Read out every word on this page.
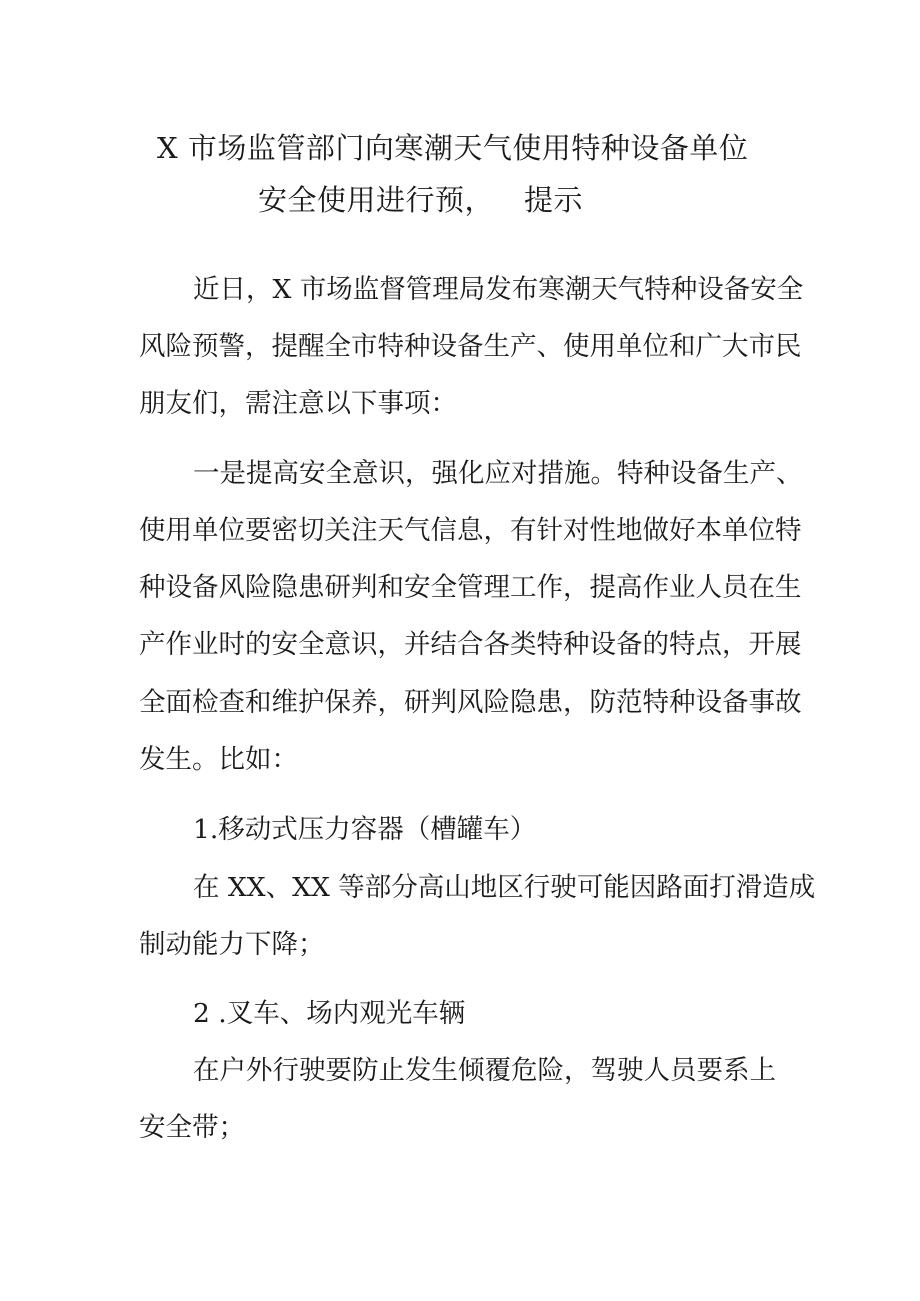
X 市场监管部门向寒潮天气使用特种设备单位
安全使用进行预， 提示
近日，X 市场监督管理局发布寒潮天气特种设备安全
风险预警，提醒全市特种设备生产、使用单位和广大市民
朋友们，需注意以下事项：
一是提高安全意识，强化应对措施。特种设备生产、
使用单位要密切关注天气信息，有针对性地做好本单位特
种设备风险隐患研判和安全管理工作，提高作业人员在生
产作业时的安全意识，并结合各类特种设备的特点，开展
全面检查和维护保养，研判风险隐患，防范特种设备事故
发生。比如：
1.移动式压力容器（槽罐车）
在 XX、XX 等部分高山地区行驶可能因路面打滑造成
制动能力下降；
2 .叉车、场内观光车辆
在户外行驶要防止发生倾覆危险，驾驶人员要系上
安全带；
